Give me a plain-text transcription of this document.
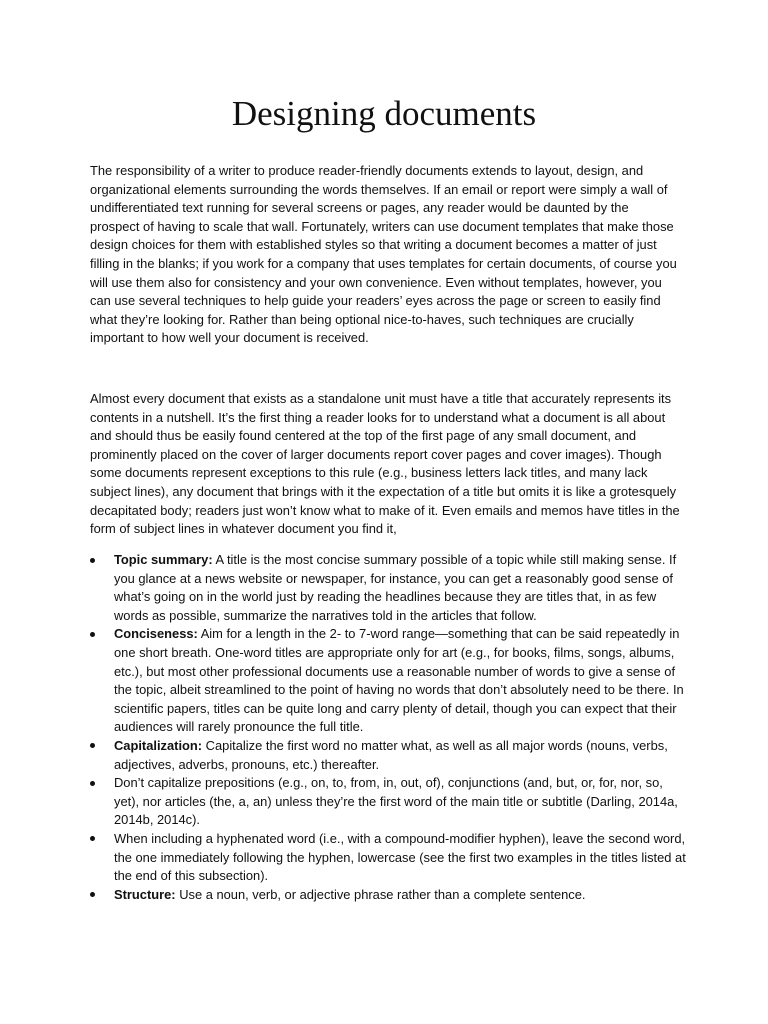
Designing documents

The responsibility of a writer to produce reader-friendly documents extends to layout, design, and organizational elements surrounding the words themselves. If an email or report were simply a wall of undifferentiated text running for several screens or pages, any reader would be daunted by the prospect of having to scale that wall. Fortunately, writers can use document templates that make those design choices for them with established styles so that writing a document becomes a matter of just filling in the blanks; if you work for a company that uses templates for certain documents, of course you will use them also for consistency and your own convenience. Even without templates, however, you can use several techniques to help guide your readers’ eyes across the page or screen to easily find what they’re looking for. Rather than being optional nice-to-haves, such techniques are crucially important to how well your document is received.

Almost every document that exists as a standalone unit must have a title that accurately represents its contents in a nutshell. It’s the first thing a reader looks for to understand what a document is all about and should thus be easily found centered at the top of the first page of any small document, and prominently placed on the cover of larger documents report cover pages and cover images). Though some documents represent exceptions to this rule (e.g., business letters lack titles, and many lack subject lines), any document that brings with it the expectation of a title but omits it is like a grotesquely decapitated body; readers just won’t know what to make of it. Even emails and memos have titles in the form of subject lines in whatever document you find it,

Topic summary: A title is the most concise summary possible of a topic while still making sense. If you glance at a news website or newspaper, for instance, you can get a reasonably good sense of what’s going on in the world just by reading the headlines because they are titles that, in as few words as possible, summarize the narratives told in the articles that follow.
Conciseness: Aim for a length in the 2- to 7-word range—something that can be said repeatedly in one short breath. One-word titles are appropriate only for art (e.g., for books, films, songs, albums, etc.), but most other professional documents use a reasonable number of words to give a sense of the topic, albeit streamlined to the point of having no words that don’t absolutely need to be there. In scientific papers, titles can be quite long and carry plenty of detail, though you can expect that their audiences will rarely pronounce the full title.
Capitalization: Capitalize the first word no matter what, as well as all major words (nouns, verbs, adjectives, adverbs, pronouns, etc.) thereafter.
Don’t capitalize prepositions (e.g., on, to, from, in, out, of), conjunctions (and, but, or, for, nor, so, yet), nor articles (the, a, an) unless they’re the first word of the main title or subtitle (Darling, 2014a, 2014b, 2014c).
When including a hyphenated word (i.e., with a compound-modifier hyphen), leave the second word, the one immediately following the hyphen, lowercase (see the first two examples in the titles listed at the end of this subsection).
Structure: Use a noun, verb, or adjective phrase rather than a complete sentence.
